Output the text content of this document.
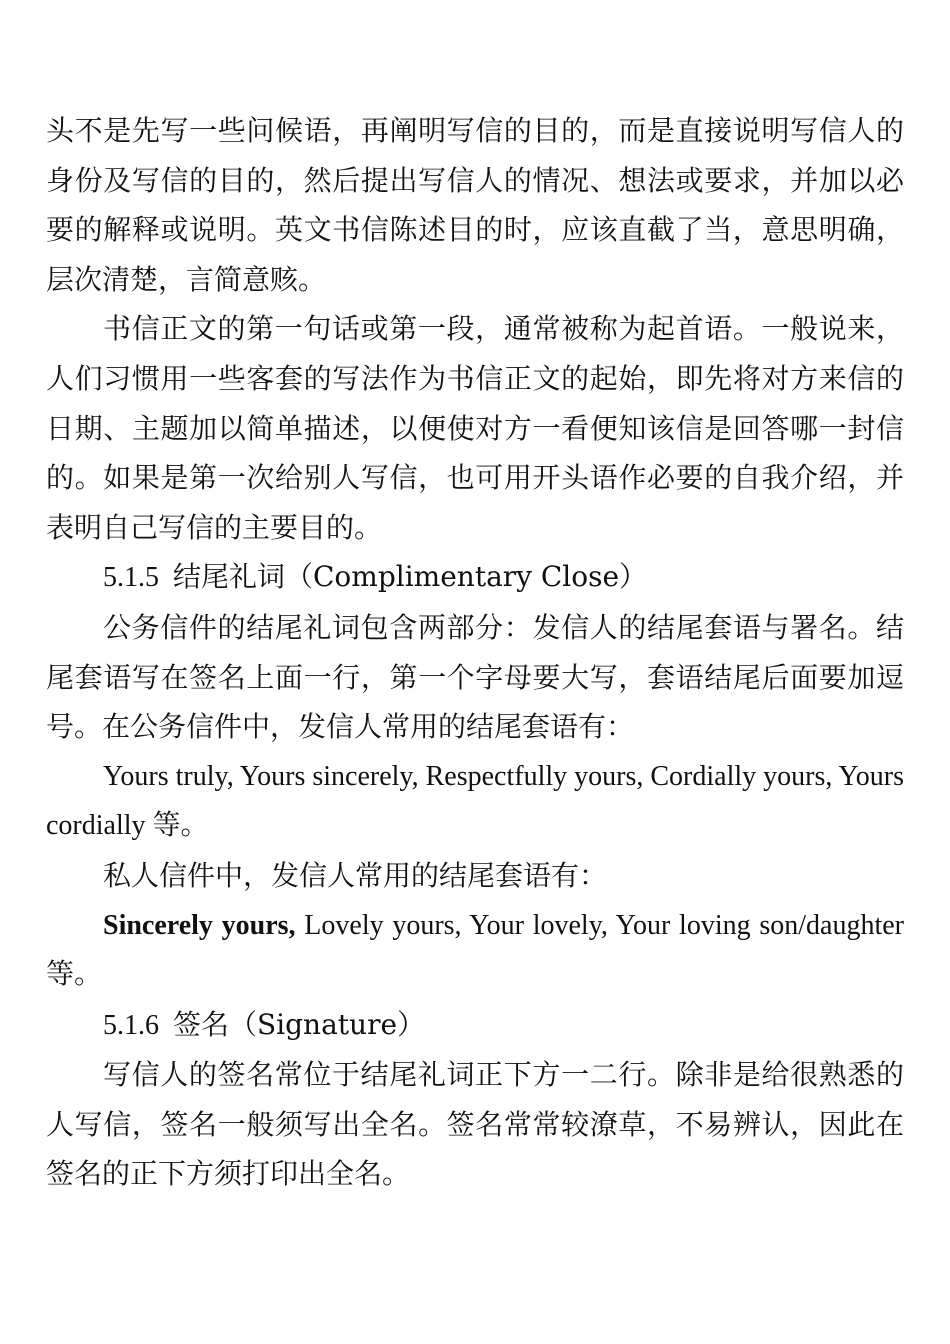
头不是先写一些问候语，再阐明写信的目的，而是直接说明写信人的身份及写信的目的，然后提出写信人的情况、想法或要求，并加以必要的解释或说明。英文书信陈述目的时，应该直截了当，意思明确，层次清楚，言简意赅。

书信正文的第一句话或第一段，通常被称为起首语。一般说来，人们习惯用一些客套的写法作为书信正文的起始，即先将对方来信的日期、主题加以简单描述，以便使对方一看便知该信是回答哪一封信的。如果是第一次给别人写信，也可用开头语作必要的自我介绍，并表明自己写信的主要目的。

5.1.5 结尾礼词（Complimentary Close）

公务信件的结尾礼词包含两部分：发信人的结尾套语与署名。结尾套语写在签名上面一行，第一个字母要大写，套语结尾后面要加逗号。在公务信件中，发信人常用的结尾套语有：

Yours truly, Yours sincerely, Respectfully yours, Cordially yours, Yours cordially 等。

私人信件中，发信人常用的结尾套语有：

Sincerely yours, Lovely yours, Your lovely, Your loving son/daughter 等。

5.1.6 签名（Signature）

写信人的签名常位于结尾礼词正下方一二行。除非是给很熟悉的人写信，签名一般须写出全名。签名常常较潦草，不易辨认，因此在签名的正下方须打印出全名。
